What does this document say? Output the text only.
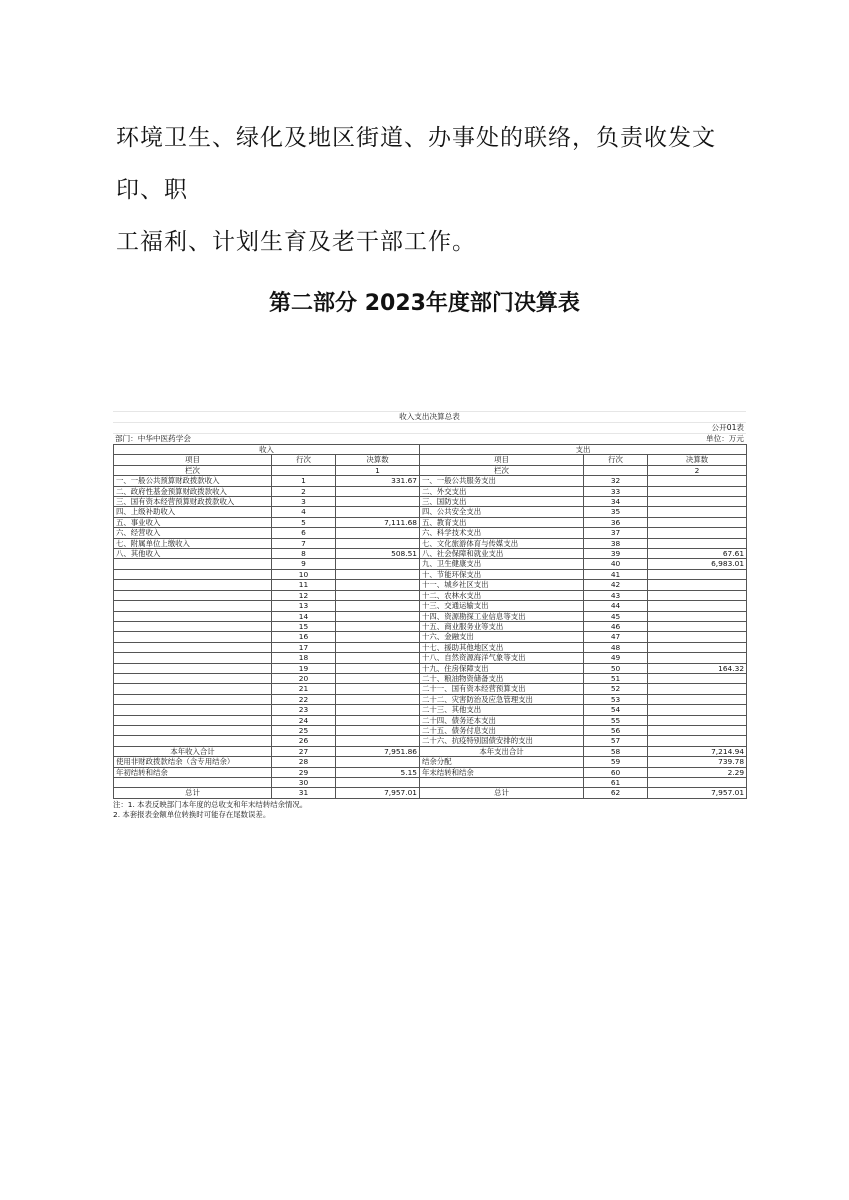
环境卫生、绿化及地区街道、办事处的联络，负责收发文印、职
工福利、计划生育及老干部工作。

第二部分 2023年度部门决算表
收入支出决算总表
公开01表
部门：中华中医药学会	单位：万元
收入			支出		
项目	行次	决算数	项目	行次	决算数
栏次		1	栏次		2
一、一般公共预算财政拨款收入	1	331.67	一、一般公共服务支出	32	
二、政府性基金预算财政拨款收入	2		二、外交支出	33	
三、国有资本经营预算财政拨款收入	3		三、国防支出	34	
四、上级补助收入	4		四、公共安全支出	35	
五、事业收入	5	7,111.68	五、教育支出	36	
六、经营收入	6		六、科学技术支出	37	
七、附属单位上缴收入	7		七、文化旅游体育与传媒支出	38	
八、其他收入	8	508.51	八、社会保障和就业支出	39	67.61
	9		九、卫生健康支出	40	6,983.01
	10		十、节能环保支出	41	
	11		十一、城乡社区支出	42	
	12		十二、农林水支出	43	
	13		十三、交通运输支出	44	
	14		十四、资源勘探工业信息等支出	45	
	15		十五、商业服务业等支出	46	
	16		十六、金融支出	47	
	17		十七、援助其他地区支出	48	
	18		十八、自然资源海洋气象等支出	49	
	19		十九、住房保障支出	50	164.32
	20		二十、粮油物资储备支出	51	
	21		二十一、国有资本经营预算支出	52	
	22		二十二、灾害防治及应急管理支出	53	
	23		二十三、其他支出	54	
	24		二十四、债务还本支出	55	
	25		二十五、债务付息支出	56	
	26		二十六、抗疫特别国债安排的支出	57	
本年收入合计	27	7,951.86	本年支出合计	58	7,214.94
使用非财政拨款结余（含专用结余）	28		结余分配	59	739.78
年初结转和结余	29	5.15	年末结转和结余	60	2.29
	30			61	
总计	31	7,957.01	总计	62	7,957.01
注：1. 本表反映部门本年度的总收支和年末结转结余情况。
2. 本套报表金额单位转换时可能存在尾数误差。
